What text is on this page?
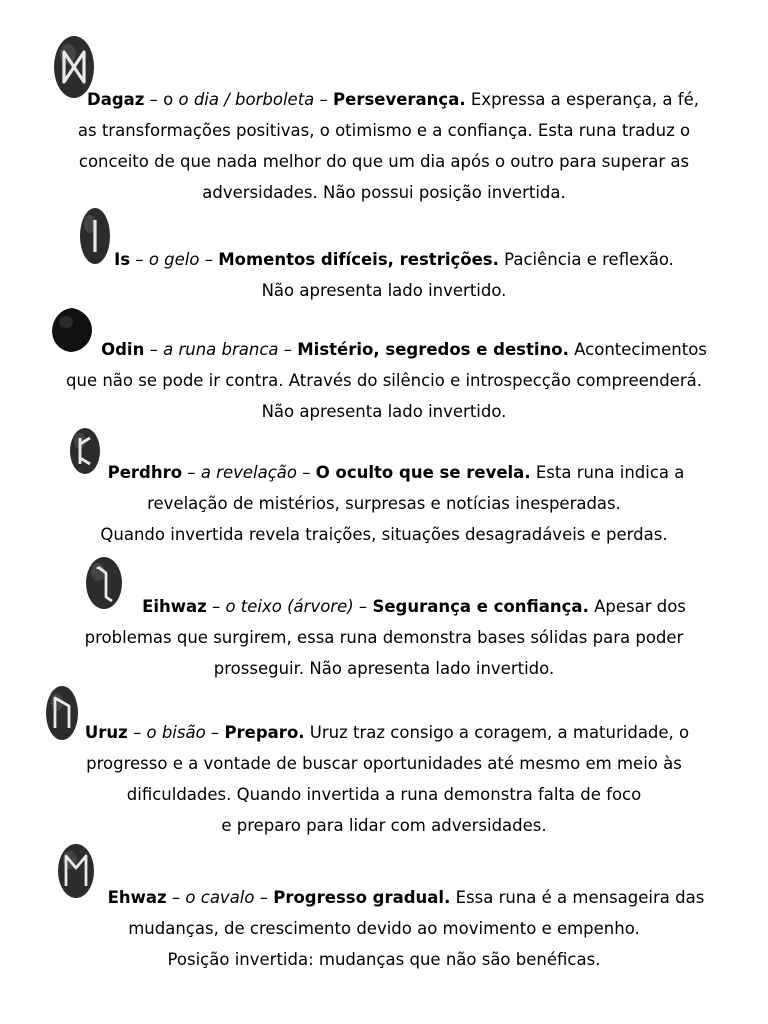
Dagaz – o o dia / borboleta – Perseverança. Expressa a esperança, a fé,
as transformações positivas, o otimismo e a confiança. Esta runa traduz o
conceito de que nada melhor do que um dia após o outro para superar as
adversidades. Não possui posição invertida.
Is – o gelo – Momentos difíceis, restrições. Paciência e reflexão.
Não apresenta lado invertido.
Odin – a runa branca – Mistério, segredos e destino. Acontecimentos
que não se pode ir contra. Através do silêncio e introspecção compreenderá.
Não apresenta lado invertido.
Perdhro – a revelação – O oculto que se revela. Esta runa indica a
revelação de mistérios, surpresas e notícias inesperadas.
Quando invertida revela traições, situações desagradáveis e perdas.
Eihwaz – o teixo (árvore) – Segurança e confiança. Apesar dos
problemas que surgirem, essa runa demonstra bases sólidas para poder
prosseguir. Não apresenta lado invertido.
Uruz – o bisão – Preparo. Uruz traz consigo a coragem, a maturidade, o
progresso e a vontade de buscar oportunidades até mesmo em meio às
dificuldades. Quando invertida a runa demonstra falta de foco
e preparo para lidar com adversidades.
Ehwaz – o cavalo – Progresso gradual. Essa runa é a mensageira das
mudanças, de crescimento devido ao movimento e empenho.
Posição invertida: mudanças que não são benéficas.
